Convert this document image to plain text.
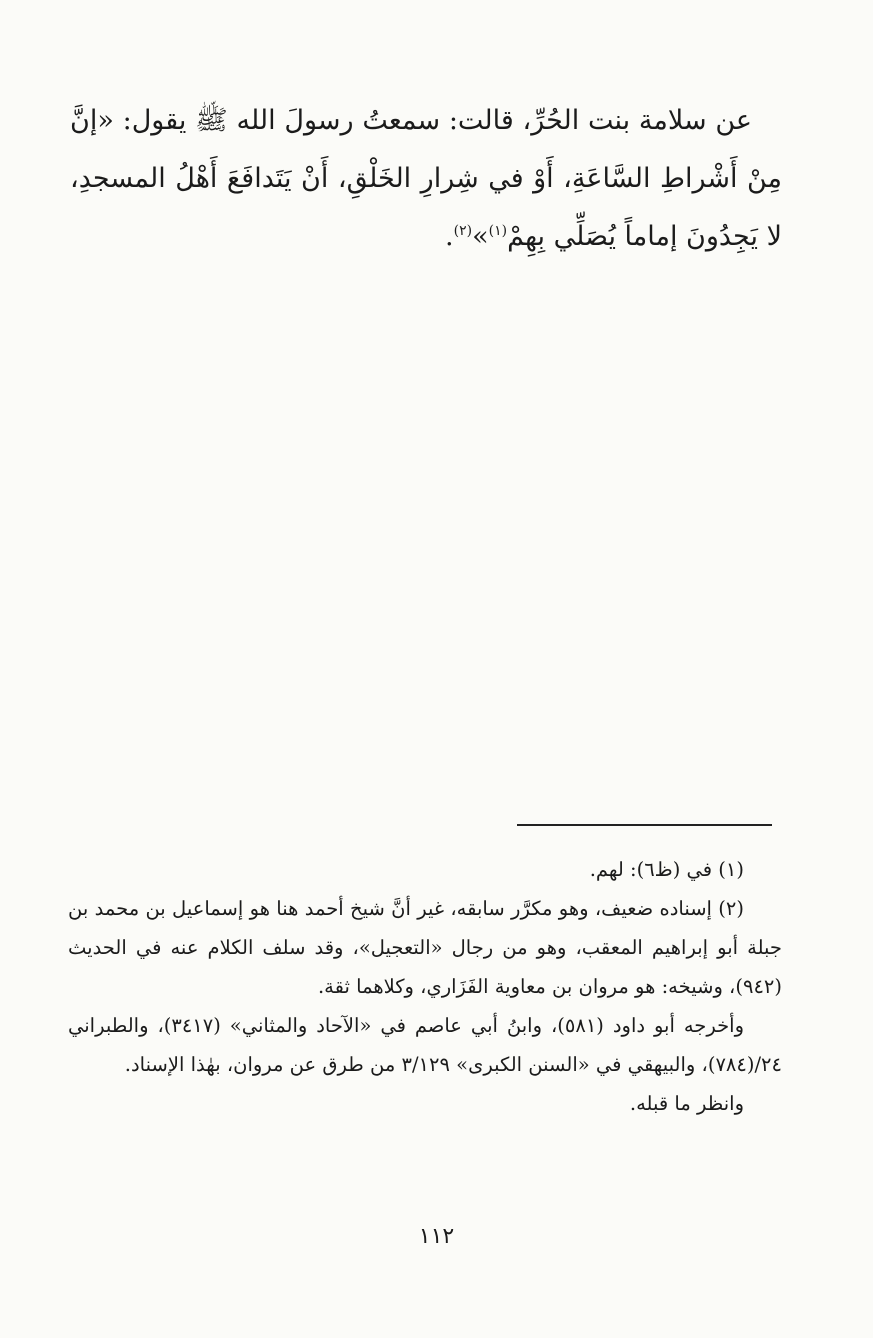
عن سلامة بنت الحُرِّ، قالت: سمعتُ رسولَ الله ﷺ يقول: «إنَّ مِنْ أَشْراطِ السَّاعَةِ، أَوْ في شِرارِ الخَلْقِ، أَنْ يَتَدافَعَ أَهْلُ المسجدِ، لا يَجِدُونَ إماماً يُصَلِّي بِهِمْ$^{(١)}$»$^{(٢)}$.

(١) في (ظ٦): لهم.

(٢) إسناده ضعيف، وهو مكرَّر سابقه، غير أنَّ شيخ أحمد هنا هو إسماعيل بن محمد بن جبلة أبو إبراهيم المعقب، وهو من رجال «التعجيل»، وقد سلف الكلام عنه في الحديث (٩٤٢)، وشيخه: هو مروان بن معاوية الفَزَاري، وكلاهما ثقة.

وأخرجه أبو داود (٥٨١)، وابنُ أبي عاصم في «الآحاد والمثاني» (٣٤١٧)، والطبراني ٢٤/(٧٨٤)، والبيهقي في «السنن الكبرى» ٣/١٢٩ من طرق عن مروان، بهٰذا الإسناد.

وانظر ما قبله.

١١٢
